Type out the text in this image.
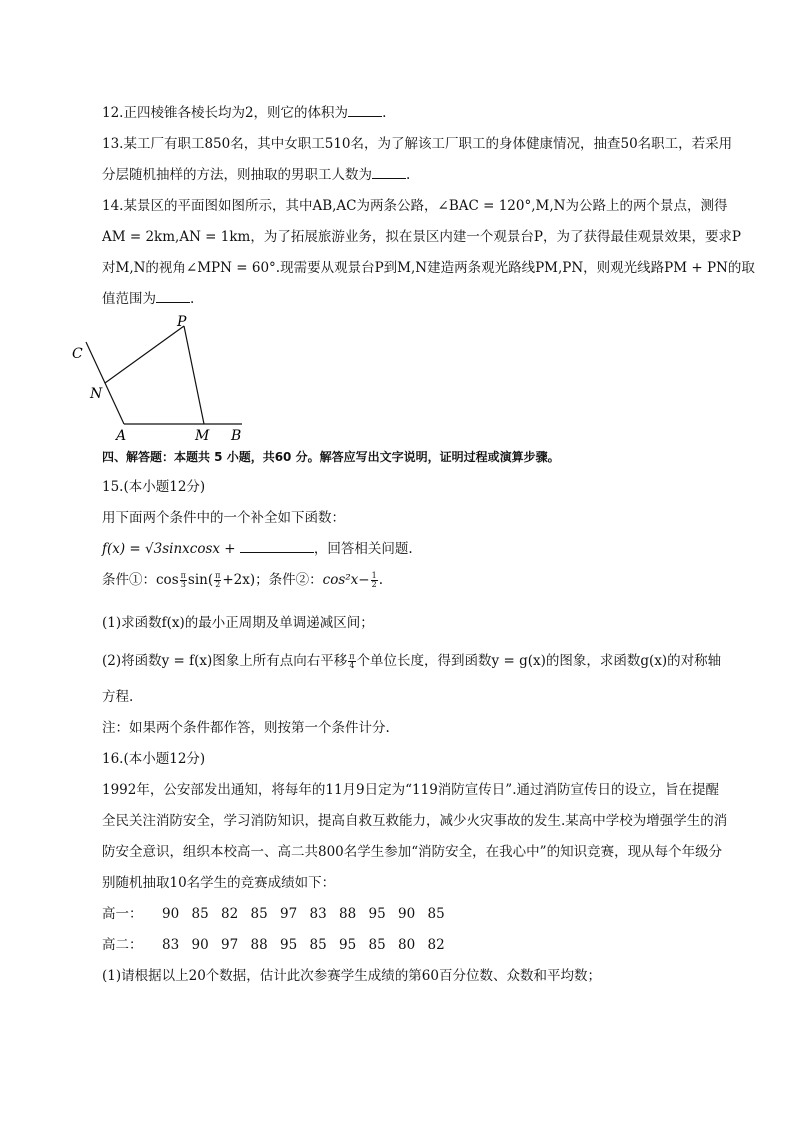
12.正四棱锥各棱长均为2，则它的体积为	.
13.某工厂有职工850名，其中女职工510名，为了解该工厂职工的身体健康情况，抽查50名职工，若采用
分层随机抽样的方法，则抽取的男职工人数为	.
14.某景区的平面图如图所示，其中AB,AC为两条公路，∠BAC = 120°,M,N为公路上的两个景点，测得
AM = 2km,AN = 1km，为了拓展旅游业务，拟在景区内建一个观景台P，为了获得最佳观景效果，要求P
对M,N的视角∠MPN = 60°.现需要从观景台P到M,N建造两条观光路线PM,PN，则观光线路PM + PN的取
值范围为	.
C
P
N
A	M B
四、解答题：本题共 5 小题，共60 分。解答应写出文字说明，证明过程或演算步骤。
15.(本小题12分)
用下面两个条件中的一个补全如下函数：
f(x) = √3sinxcosx +	，回答相关问题.
条件①：$\cos \frac{\pi}{3} \sin( \frac{\pi}{2} +2x)$；条件②：$\cos^2x- \frac{1}{2}$ .
(1)求函数f(x)的最小正周期及单调递减区间；
(2)将函数y = f(x)图象上所有点向右平移 $\frac{\pi}{4}$ 个单位长度，得到函数y = g(x)的图象，求函数g(x)的对称轴
方程.
注：如果两个条件都作答，则按第一个条件计分.
16.(本小题12分)
1992年，公安部发出通知，将每年的11月9日定为“119消防宣传日”.通过消防宣传日的设立，旨在提醒
全民关注消防安全，学习消防知识，提高自救互救能力，减少火灾事故的发生.某高中学校为增强学生的消
防安全意识，组织本校高一、高二共800名学生参加“消防安全，在我心中”的知识竞赛，现从每个年级分
别随机抽取10名学生的竞赛成绩如下：
高一： 90 85 82 85 97 83 88 95 90 85
高二： 83 90 97 88 95 85 95 85 80 82
(1)请根据以上20个数据，估计此次参赛学生成绩的第60百分位数、众数和平均数；
